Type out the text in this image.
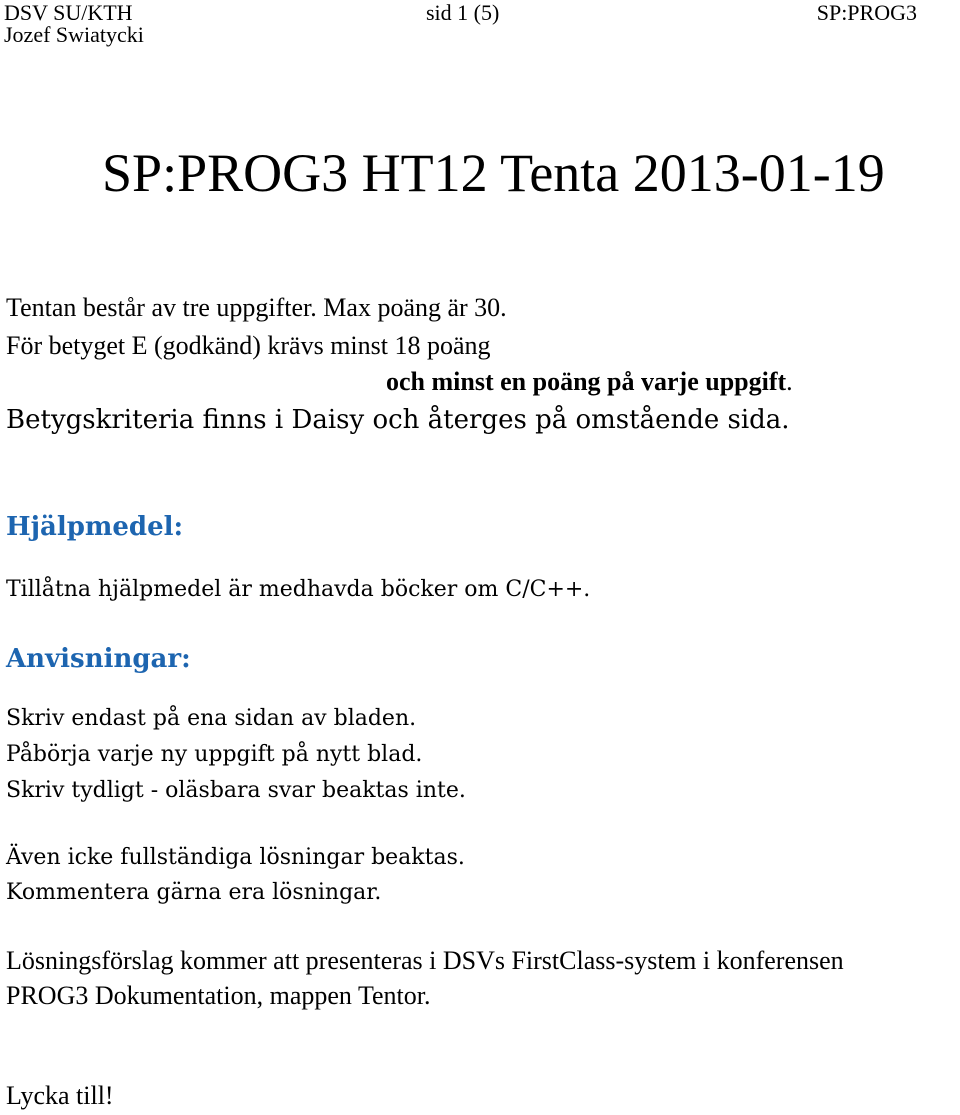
DSV SU/KTH	sid 1 (5)	SP:PROG3
Jozef Swiatycki
SP:PROG3 HT12 Tenta 2013-01-19
Tentan består av tre uppgifter. Max poäng är 30.
För betyget E (godkänd) krävs minst 18 poäng
och minst en poäng på varje uppgift.
Betygskriteria finns i Daisy och återges på omstående sida.
Hjälpmedel:
Tillåtna hjälpmedel är medhavda böcker om C/C++.
Anvisningar:
Skriv endast på ena sidan av bladen.
Påbörja varje ny uppgift på nytt blad.
Skriv tydligt - oläsbara svar beaktas inte.
Även icke fullständiga lösningar beaktas.
Kommentera gärna era lösningar.
Lösningsförslag kommer att presenteras i DSVs FirstClass-system i konferensen
PROG3 Dokumentation, mappen Tentor.
Lycka till!
